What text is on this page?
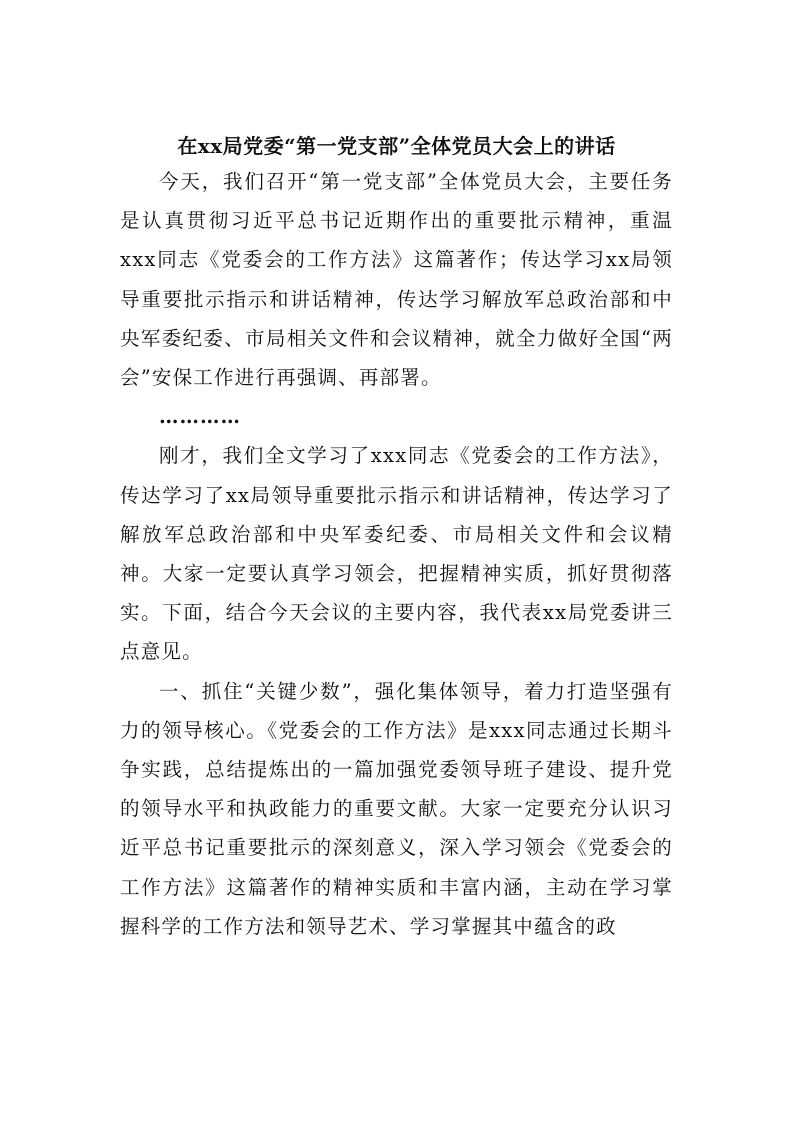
在xx局党委“第一党支部”全体党员大会上的讲话

今天，我们召开“第一党支部”全体党员大会，主要任务是认真贯彻习近平总书记近期作出的重要批示精神，重温xxx同志《党委会的工作方法》这篇著作；传达学习xx局领导重要批示指示和讲话精神，传达学习解放军总政治部和中央军委纪委、市局相关文件和会议精神，就全力做好全国“两会”安保工作进行再强调、再部署。

…………

刚才，我们全文学习了xxx同志《党委会的工作方法》，传达学习了xx局领导重要批示指示和讲话精神，传达学习了解放军总政治部和中央军委纪委、市局相关文件和会议精神。大家一定要认真学习领会，把握精神实质，抓好贯彻落实。下面，结合今天会议的主要内容，我代表xx局党委讲三点意见。

一、抓住“关键少数”，强化集体领导，着力打造坚强有力的领导核心。《党委会的工作方法》是xxx同志通过长期斗争实践，总结提炼出的一篇加强党委领导班子建设、提升党的领导水平和执政能力的重要文献。大家一定要充分认识习近平总书记重要批示的深刻意义，深入学习领会《党委会的工作方法》这篇著作的精神实质和丰富内涵，主动在学习掌握科学的工作方法和领导艺术、学习掌握其中蕴含的政
